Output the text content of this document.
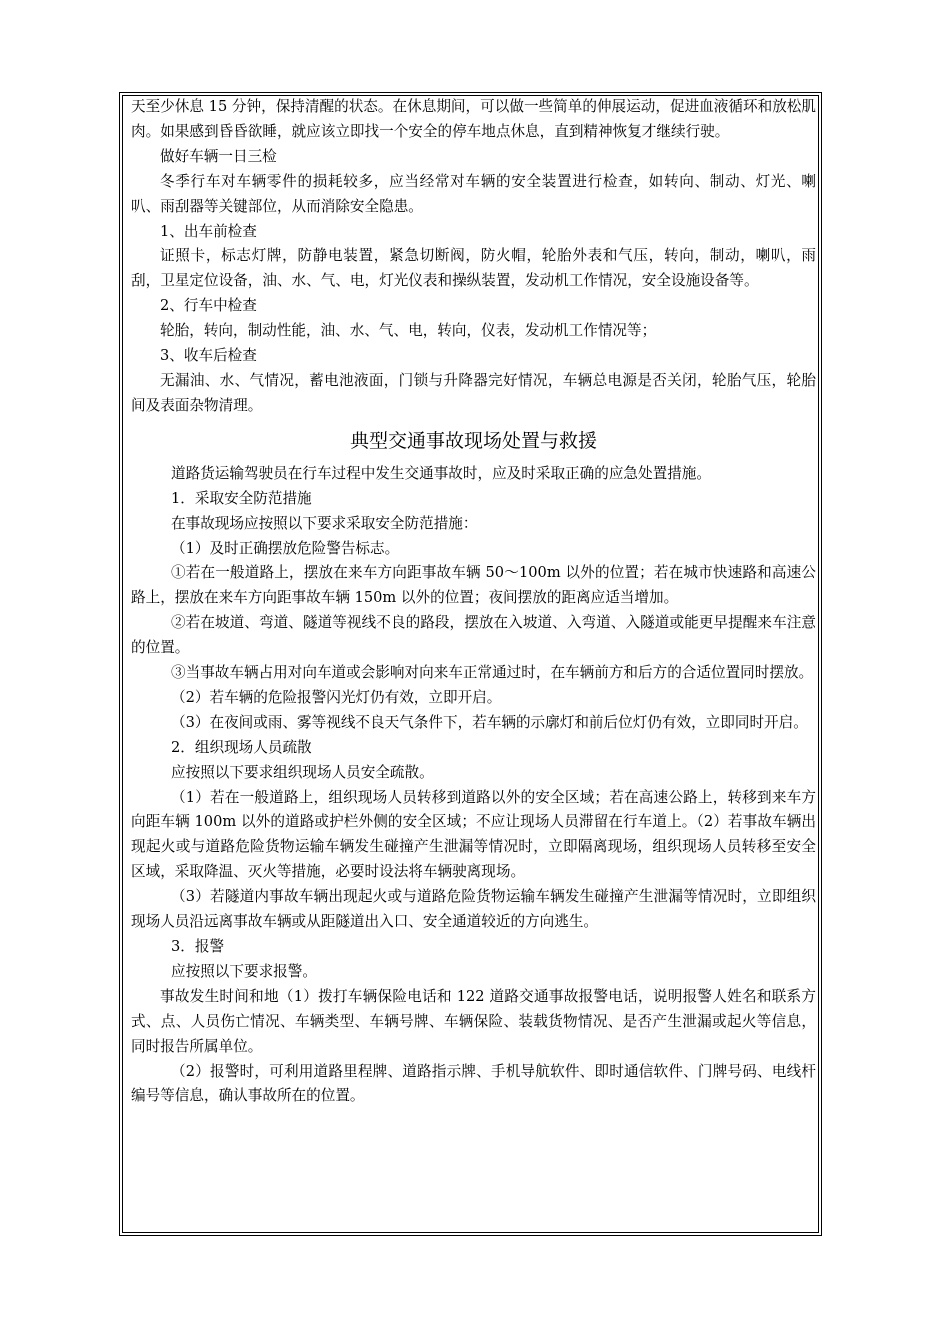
天至少休息 15 分钟，保持清醒的状态。在休息期间，可以做一些简单的伸展运动，促进血液循环和放松肌肉。如果感到昏昏欲睡，就应该立即找一个安全的停车地点休息，直到精神恢复才继续行驶。

做好车辆一日三检

冬季行车对车辆零件的损耗较多，应当经常对车辆的安全装置进行检查，如转向、制动、灯光、喇叭、雨刮器等关键部位，从而消除安全隐患。

1、出车前检查

证照卡，标志灯牌，防静电装置，紧急切断阀，防火帽，轮胎外表和气压，转向，制动，喇叭，雨刮，卫星定位设备，油、水、气、电，灯光仪表和操纵装置，发动机工作情况，安全设施设备等。

2、行车中检查

轮胎，转向，制动性能，油、水、气、电，转向，仪表，发动机工作情况等；

3、收车后检查

无漏油、水、气情况，蓄电池液面，门锁与升降器完好情况，车辆总电源是否关闭，轮胎气压，轮胎间及表面杂物清理。

典型交通事故现场处置与救援

道路货运输驾驶员在行车过程中发生交通事故时，应及时采取正确的应急处置措施。

1．采取安全防范措施

在事故现场应按照以下要求采取安全防范措施：

（1）及时正确摆放危险警告标志。

①若在一般道路上，摆放在来车方向距事故车辆 50～100m 以外的位置；若在城市快速路和高速公路上，摆放在来车方向距事故车辆 150m 以外的位置；夜间摆放的距离应适当增加。

②若在坡道、弯道、隧道等视线不良的路段，摆放在入坡道、入弯道、入隧道或能更早提醒来车注意的位置。

③当事故车辆占用对向车道或会影响对向来车正常通过时，在车辆前方和后方的合适位置同时摆放。

（2）若车辆的危险报警闪光灯仍有效，立即开启。

（3）在夜间或雨、雾等视线不良天气条件下，若车辆的示廓灯和前后位灯仍有效，立即同时开启。

2．组织现场人员疏散

应按照以下要求组织现场人员安全疏散。

（1）若在一般道路上，组织现场人员转移到道路以外的安全区域；若在高速公路上，转移到来车方向距车辆 100m 以外的道路或护栏外侧的安全区域；不应让现场人员滞留在行车道上。（2）若事故车辆出现起火或与道路危险货物运输车辆发生碰撞产生泄漏等情况时，立即隔离现场，组织现场人员转移至安全区域，采取降温、灭火等措施，必要时设法将车辆驶离现场。

（3）若隧道内事故车辆出现起火或与道路危险货物运输车辆发生碰撞产生泄漏等情况时，立即组织现场人员沿远离事故车辆或从距隧道出入口、安全通道较近的方向逃生。

3．报警

应按照以下要求报警。

事故发生时间和地（1）拨打车辆保险电话和 122 道路交通事故报警电话，说明报警人姓名和联系方式、点、人员伤亡情况、车辆类型、车辆号牌、车辆保险、装载货物情况、是否产生泄漏或起火等信息，同时报告所属单位。

（2）报警时，可利用道路里程牌、道路指示牌、手机导航软件、即时通信软件、门牌号码、电线杆编号等信息，确认事故所在的位置。
